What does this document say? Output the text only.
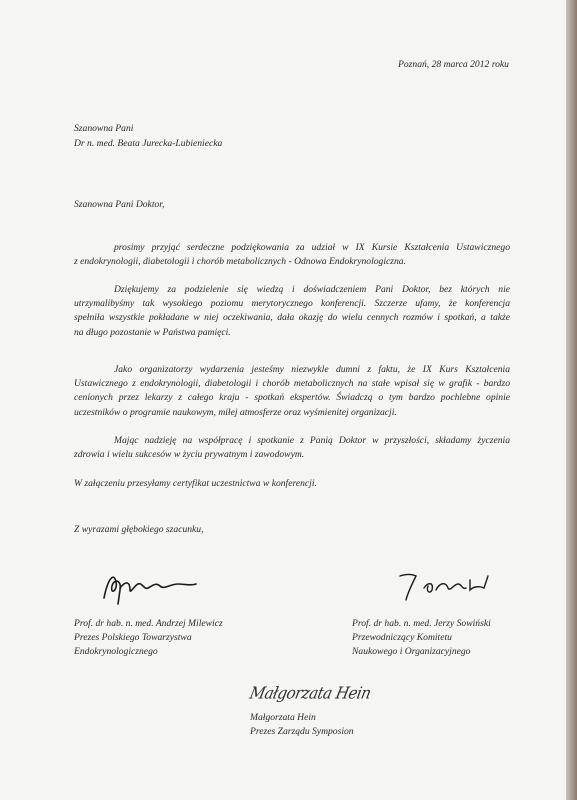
Poznań, 28 marca 2012 roku
Szanowna Pani
Dr n. med. Beata Jurecka-Lubieniecka
Szanowna Pani Doktor,
prosimy przyjąć serdeczne podziękowania za udział w IX Kursie Kształcenia Ustawicznego
z endokrynologii, diabetologii i chorób metabolicznych - Odnowa Endokrynologiczna.
Dziękujemy za podzielenie się wiedzą i doświadczeniem Pani Doktor, bez których nie
utrzymalibyśmy tak wysokiego poziomu merytorycznego konferencji. Szczerze ufamy, że konferencja
spełniła wszystkie pokładane w niej oczekiwania, dała okazję do wielu cennych rozmów i spotkań, a także
na długo pozostanie w Państwa pamięci.
Jako organizatorzy wydarzenia jesteśmy niezwykle dumni z faktu, że IX Kurs Kształcenia
Ustawicznego z endokrynologii, diabetologii i chorób metabolicznych na stałe wpisał się w grafik - bardzo
cenionych przez lekarzy z całego kraju - spotkań ekspertów. Świadczą o tym bardzo pochlebne opinie
uczestników o programie naukowym, miłej atmosferze oraz wyśmienitej organizacji.
Mając nadzieję na współpracę i spotkanie z Panią Doktor w przyszłości, składamy życzenia
zdrowia i wielu sukcesów w życiu prywatnym i zawodowym.
W załączeniu przesyłamy certyfikat uczestnictwa w konferencji.
Z wyrazami głębokiego szacunku,
Prof. dr hab. n. med. Andrzej Milewicz
Prezes Polskiego Towarzystwa
Endokrynologicznego
Prof. dr hab. n. med. Jerzy Sowiński
Przewodniczący Komitetu
Naukowego i Organizacyjnego
Małgorzata Hein
Małgorzata Hein
Prezes Zarządu Symposion
